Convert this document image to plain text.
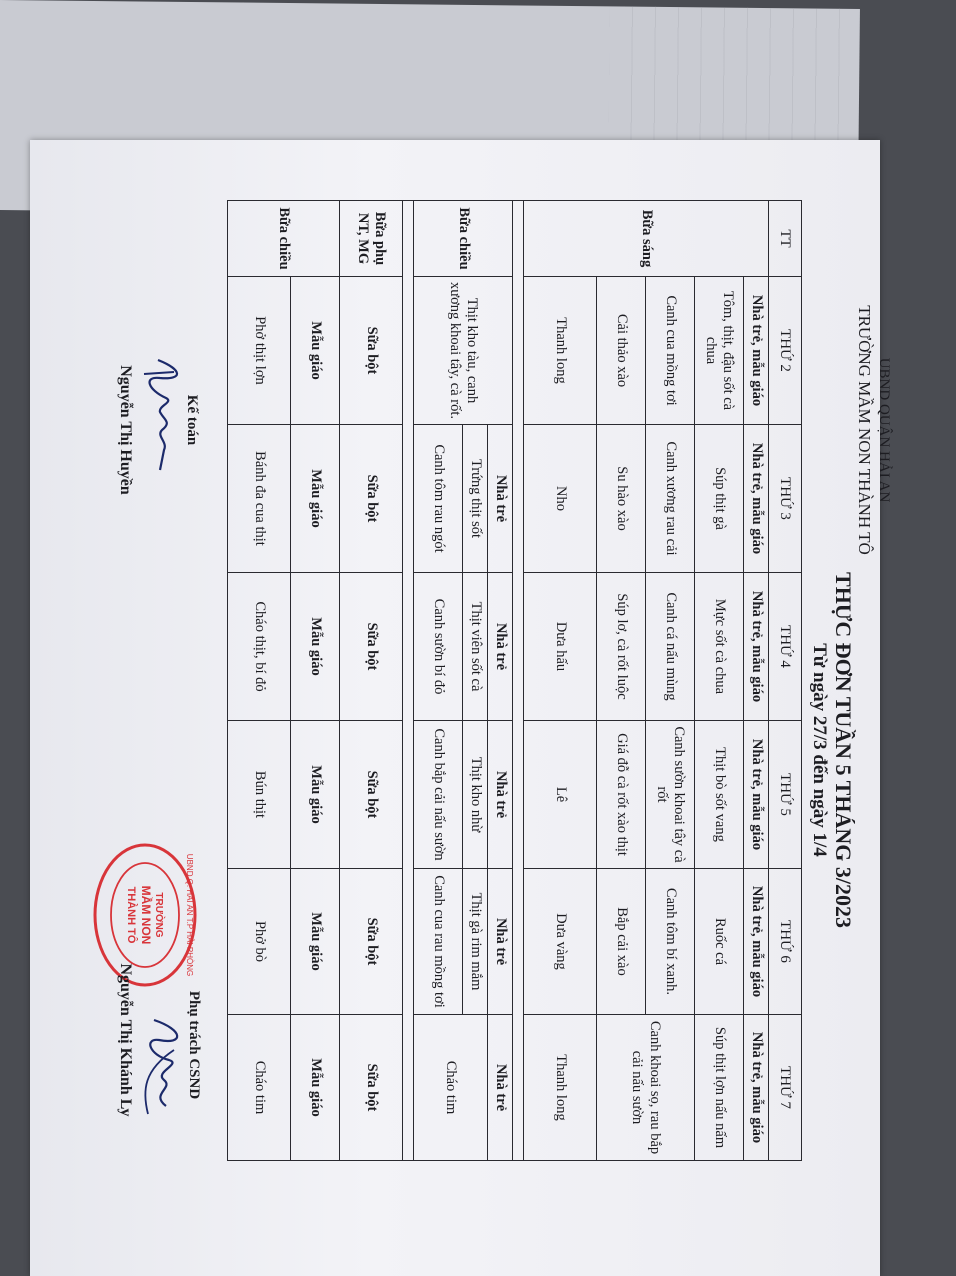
UBND QUẬN HẢI AN
TRƯỜNG MẦM NON THÀNH TÔ
THỰC ĐƠN TUẦN 5 THÁNG 3/2023
Từ ngày 27/3 đến ngày 1/4
TT	THỨ 2	THỨ 3	THỨ 4	THỨ 5	THỨ 6	THỨ 7
Bữa sáng	Nhà trẻ, mẫu giáo	Nhà trẻ, mẫu giáo	Nhà trẻ, mẫu giáo	Nhà trẻ, mẫu giáo	Nhà trẻ, mẫu giáo	Nhà trẻ, mẫu giáo
	Tôm, thịt, đậu sốt cà chua	Súp thịt gà	Mực sốt cà chua	Thịt bò sốt vang	Ruốc cá	Súp thịt lợn nấu nấm
	Canh cua mồng tơi	Canh xương rau cải	Canh cá nấu mùng	Canh sườn khoai tây cà rốt	Canh tôm bí xanh.	Canh khoai sọ, rau bắp cải nấu sườn
	Cải thảo xào	Su hào xào	Súp lơ, cà rốt luộc	Giá đỗ cà rốt xào thịt	Bắp cải xào	
	Thanh long	Nho	Dưa hấu	Lê	Dưa vàng	Thanh long

Bữa chiều	Thịt kho tàu, canh xương khoai tây, cà rốt.	Nhà trẻ	Nhà trẻ	Nhà trẻ	Nhà trẻ	Nhà trẻ
		Trứng thịt sốt	Thịt viên sốt cà	Thịt kho nhừ	Thịt gà rim mắm	Cháo tim
		Canh tôm rau ngót	Canh sườn bí đỏ	Canh bắp cải nấu sườn	Canh cua rau mồng tơi	

Bữa phụ NT, MG	Sữa bột	Sữa bột	Sữa bột	Sữa bột	Sữa bột	Sữa bột
Bữa chiều	Mẫu giáo	Mẫu giáo	Mẫu giáo	Mẫu giáo	Mẫu giáo	Mẫu giáo
	Phở thịt lợn	Bánh đa cua thịt	Cháo thịt, bí đỏ	Bún thịt	Phở bò	Cháo tim
Kế toán
Nguyễn Thị Huyền
UBND Q. HẢI AN T.P HẢI PHÒNG
TRƯỜNG
MẦM NON
THÀNH TÔ
Phụ trách CSND
Nguyễn Thị Khánh Ly
